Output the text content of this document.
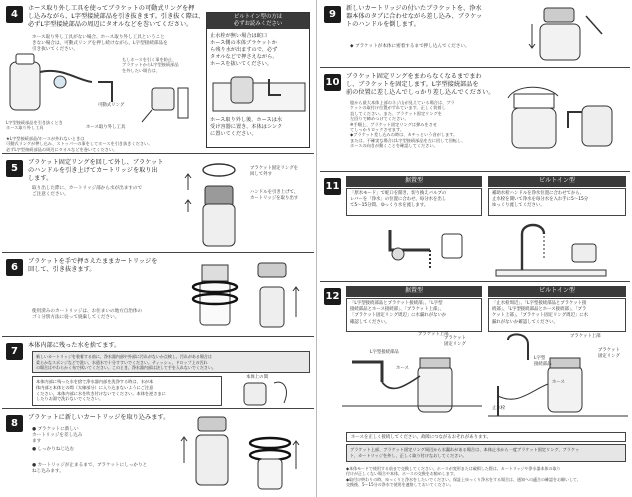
4
ホース取り外し工具を使ってブラケットの可動式リングを押
し込みながら、L字型接続部品を引き抜きます。引き抜く際は、
必ずL字型接続部品の周辺にタオルなどを巻いてください。
ホース取り外し工具がない場合、ホース取り外し工具ということ
きない場合は、可動式リングを押し続けながら、L字型接続部品を
引き抜いてください。
もしホースを引く事を防止、
ブラケットからL字型接続部品
を外したい場合は、
L字型接続部品を引き抜くとき
ホース取り外し工具
可動式リング
ホース取り外し工具
★L字型接続部品/ホースが外れないときは
可動式リングが押し込み、ストッパーの事をしてホースを引き抜きください。
必ずL字型接続部品の周辺にタオルなどを巻いてください。
ビルトイン型の方は
必ずお読みください
止水栓が無い場合は蛇口
ホース側の本体ブラケットか
ら残り水が出ますので、必ず
タオルなどで押さえながら、
ホースを抜いてください。
ホース取り外し後、ホースは水
受け容器に置き、本体はシンク
に置いてください。
5
ブラケット固定リングを回して外し、ブラケット
のハンドルを引き上げてカートリッジを取り出
します。
取り出した際に、カートリッジ部から水が出ますので
ご注意ください。
ブラケット固定リングを
回して外す
ハンドルを引き上げて、
カートリッジを取り出す
6
ブラケットを手で押さえたままカートリッジを
回して、引き抜きます。
使用済みのカートリッジは、お住まいの地方自治体の
ゴミ分別方法に従って廃棄してください。
7
本体内部に残った水を捨てます。
新しいカートリッジを装着する前に、浄水器内部や外部に汚れがないか点検し、汚れがある場合は
柔らかなスポンジなどで洗い、水道水で十分すすいでください。ティッシュ、ドロップ上の汚れ
の場合はやわらかく布で拭いてください。このとき、浄水器内部は決して手を入れないでください。
本体内部に残った水を捨て浄水器内部を洗浄する時は、水が本
体内部と本体との間（太線部分）に入り込まないようにご注意
ください。本体内部に水を吹き付けないでください。本体を逆さまに
したりお湯で洗わないでください。
本体上の間
8
ブラケットに新しいカートリッジを取り込みます。
● ブラケットに新しい
カートリッジを差し込み
ます
● しっかりねじ込む
● カートリッジが止まるまで、ブラケットにしっかりと
ねじ込みます。
9
新しいカートリッジの付いたブラケットを、浄水
器本体のタブに合わせながら差し込み、ブラケッ
トのハンドルを倒します。
◆ ブラケットが本体に密着するまで押し込んでください。
10
ブラケット固定リングをまわらなくなるまでまわ
し、ブラケットを固定します。L字型接続部品を
前の位置に差し込んでしっかり差し込んでください。
億から最大本体上部のネジ山が見えている場合は、ブラ
ケットの取付け位置がずれています。正しく装着し
直してください。また、ブラケット固定リングを
左回りで締めつけてください。
※手順上、ブラケット固定リングは弾みをさせ
てしっかりロックさせます。
◆ブラケット差し込みの時は、カチッという音がします。
または、不確実な場合はL字型接続部品を左に回して回転し、
ホースの向きが動くことを確認してください。
11
据置型	ビルトイン型
「原水モード」で蛇口を開き、切り換えバルブの
レバーを「浄水」の位置に合わせ、毎分水を出し
て5〜15分間、ゆっくり水を流します。
補助水栓ハンドルを浄水位置に合わせてから、
止水栓を開いて浄水を毎分水を入れ手に5〜15分
ゆっくり流してください。
12
据置型	ビルトイン型
「L字型接続部品とブラケット接続部」、「L字型
接続部品とホース接続部」、「ブラケット上部」、
「ブラケット固定リング周辺」に水漏れがないか
確認してください。
「止水栓周辺」、「L字型接続部品とブラケット接
続部」、「L字型接続部品とホース接続部」、「ブラ
ケット上部」、「ブラケット固定リング周辺」に水
漏れがないか確認してください。
ブラケット上部
ブラケット
固定リング
L字型接続部品
ホース
ブラケット上部
ブラケット
固定リング
L字型
接続部品
ホース
止水栓
ホースを正しく接続してください。故障につながるおそれがあります。
ブラケット上部、ブラケット固定リング周辺から水漏れがある場合は、本体止水から一度ブラケット固定リング、ブラケッ
ト、カートリッジを外し、正しく取り付けなおしてください。
◆本体モードで使用する前まで交換してください。ホースが変形または破損した際は、カートリッジや浄水器本体の取り
付けが正しくない場合や本体、ホースの交換をお勧めします。
◆取付け終わりの時、ゆっくりと浄水をしたいでください。保証上ゆっくり浄水をする場合は、通知への適合の確認をお願いして、
交換後、5〜15分の浄水で使用を連絡しておいてください。
